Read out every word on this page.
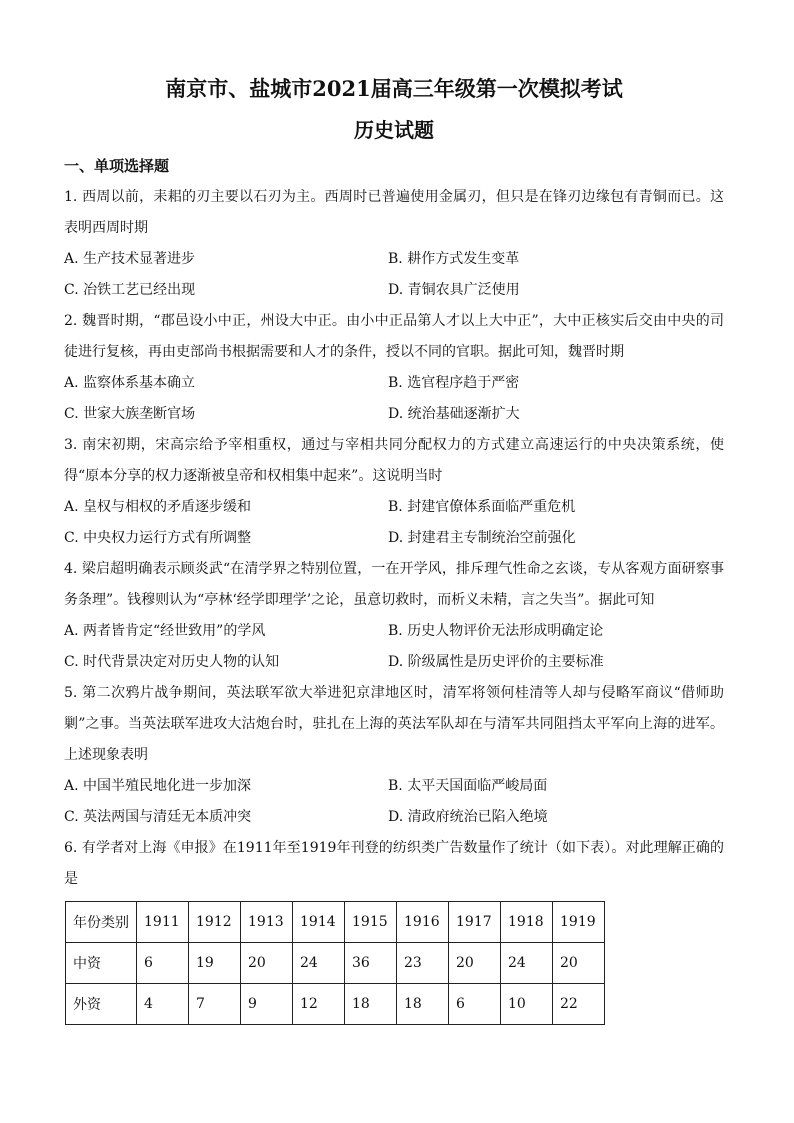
南京市、盐城市2021届高三年级第一次模拟考试
历史试题
一、单项选择题

1. 西周以前，耒耜的刃主要以石刃为主。西周时已普遍使用金属刃，但只是在锋刃边缘包有青铜而已。这表明西周时期

A. 生产技术显著进步	B. 耕作方式发生变革
C. 冶铁工艺已经出现	D. 青铜农具广泛使用

2. 魏晋时期，“郡邑设小中正，州设大中正。由小中正品第人才以上大中正”，大中正核实后交由中央的司徒进行复核，再由吏部尚书根据需要和人才的条件，授以不同的官职。据此可知，魏晋时期

A. 监察体系基本确立	B. 选官程序趋于严密
C. 世家大族垄断官场	D. 统治基础逐渐扩大

3. 南宋初期，宋高宗给予宰相重权，通过与宰相共同分配权力的方式建立高速运行的中央决策系统，使得“原本分享的权力逐渐被皇帝和权相集中起来”。这说明当时

A. 皇权与相权的矛盾逐步缓和	B. 封建官僚体系面临严重危机
C. 中央权力运行方式有所调整	D. 封建君主专制统治空前强化

4. 梁启超明确表示顾炎武“在清学界之特别位置，一在开学风，排斥理气性命之玄谈，专从客观方面研察事务条理”。钱穆则认为“亭林‘经学即理学’之论，虽意切救时，而析义未精，言之失当”。据此可知

A. 两者皆肯定“经世致用”的学风	B. 历史人物评价无法形成明确定论
C. 时代背景决定对历史人物的认知	D. 阶级属性是历史评价的主要标准

5. 第二次鸦片战争期间，英法联军欲大举进犯京津地区时，清军将领何桂清等人却与侵略军商议“借师助剿”之事。当英法联军进攻大沽炮台时，驻扎在上海的英法军队却在与清军共同阻挡太平军向上海的进军。上述现象表明

A. 中国半殖民地化进一步加深	B. 太平天国面临严峻局面
C. 英法两国与清廷无本质冲突	D. 清政府统治已陷入绝境

6. 有学者对上海《申报》在1911年至1919年刊登的纺织类广告数量作了统计（如下表）。对此理解正确的是

年份类别	1911	1912	1913	1914	1915	1916	1917	1918	1919
中资	6	19	20	24	36	23	20	24	20
外资	4	7	9	12	18	18	6	10	22
